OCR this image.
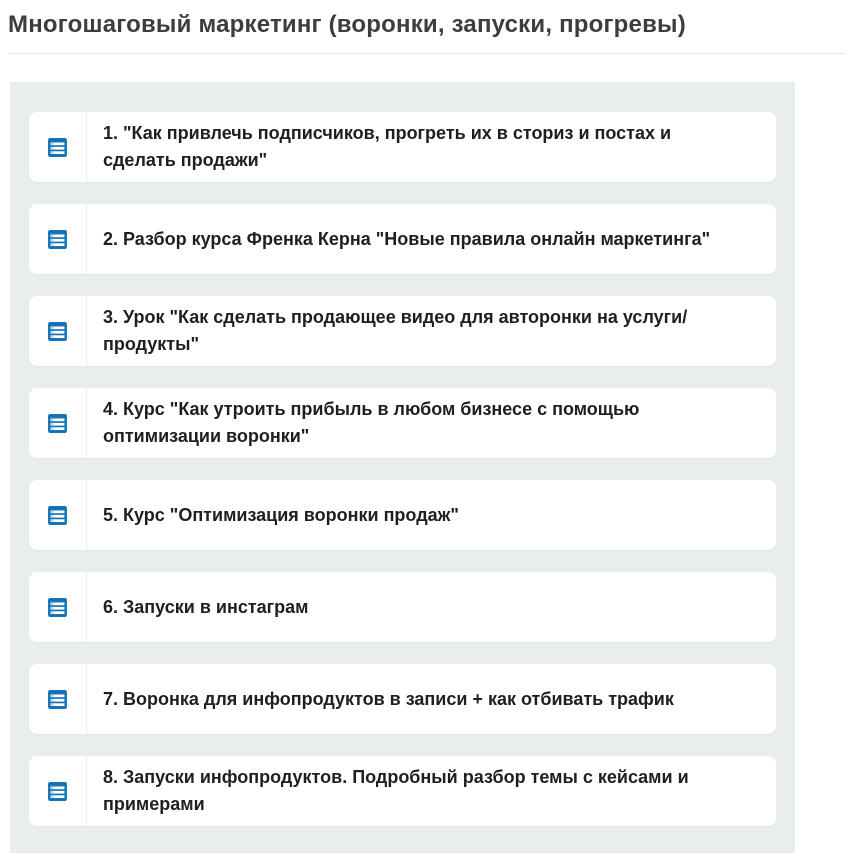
Многошаговый маркетинг (воронки, запуски, прогревы)
1. "Как привлечь подписчиков, прогреть их в сториз и постах и сделать продажи"
2. Разбор курса Френка Керна "Новые правила онлайн маркетинга"
3. Урок "Как сделать продающее видео для авторонки на услуги/продукты"
4. Курс "Как утроить прибыль в любом бизнесе с помощью оптимизации воронки"
5. Курс "Оптимизация воронки продаж"
6. Запуски в инстаграм
7. Воронка для инфопродуктов в записи + как отбивать трафик
8. Запуски инфопродуктов. Подробный разбор темы с кейсами и примерами
